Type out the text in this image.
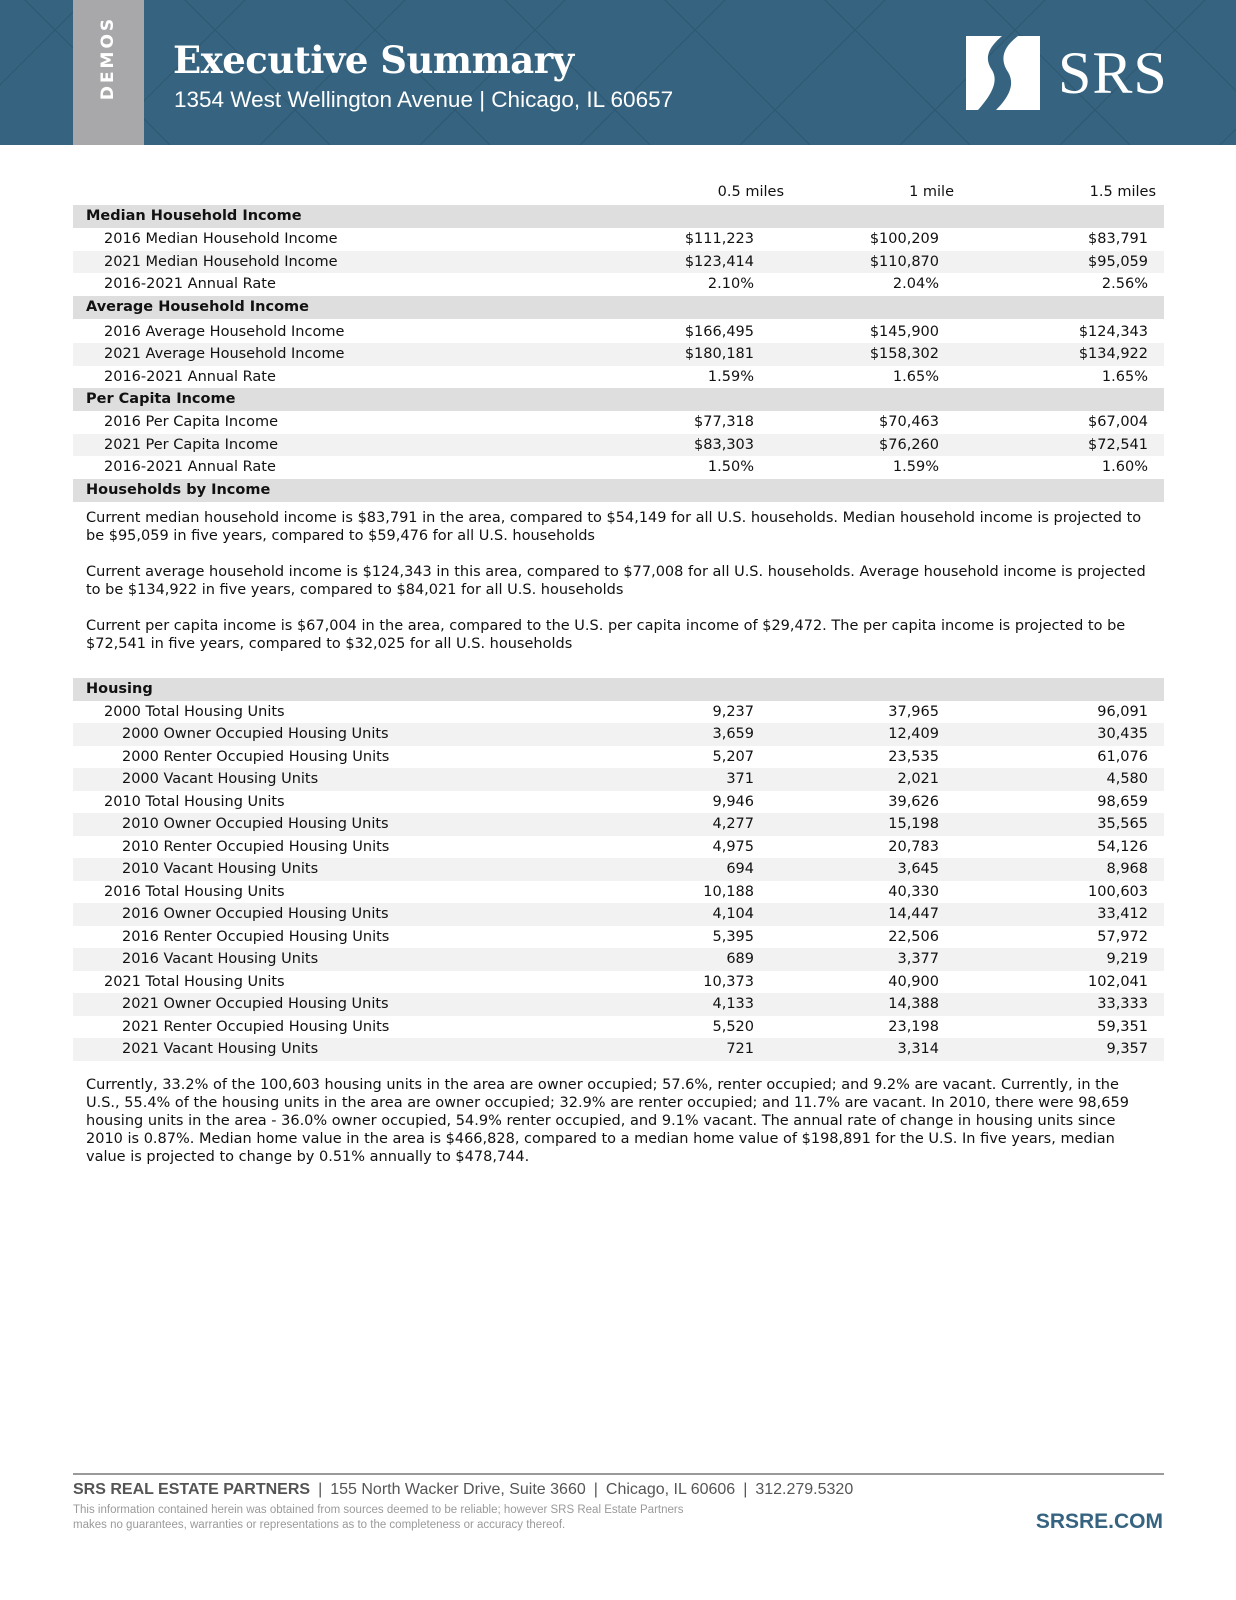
DEMOS Executive Summary
1354 West Wellington Avenue | Chicago, IL 60657	SRS
0.5 miles	1 mile	1.5 miles
Median Household Income
2016 Median Household Income	$111,223	$100,209	$83,791
2021 Median Household Income	$123,414	$110,870	$95,059
2016-2021 Annual Rate	2.10%	2.04%	2.56%
Average Household Income
2016 Average Household Income	$166,495	$145,900	$124,343
2021 Average Household Income	$180,181	$158,302	$134,922
2016-2021 Annual Rate	1.59%	1.65%	1.65%
Per Capita Income
2016 Per Capita Income	$77,318	$70,463	$67,004
2021 Per Capita Income	$83,303	$76,260	$72,541
2016-2021 Annual Rate	1.50%	1.59%	1.60%
Households by Income

Current median household income is $83,791 in the area, compared to $54,149 for all U.S. households. Median household income is projected to be $95,059 in five years, compared to $59,476 for all U.S. households

Current average household income is $124,343 in this area, compared to $77,008 for all U.S. households. Average household income is projected to be $134,922 in five years, compared to $84,021 for all U.S. households

Current per capita income is $67,004 in the area, compared to the U.S. per capita income of $29,472. The per capita income is projected to be $72,541 in five years, compared to $32,025 for all U.S. households

Housing
2000 Total Housing Units	9,237	37,965	96,091
2000 Owner Occupied Housing Units	3,659	12,409	30,435
2000 Renter Occupied Housing Units	5,207	23,535	61,076
2000 Vacant Housing Units	371	2,021	4,580
2010 Total Housing Units	9,946	39,626	98,659
2010 Owner Occupied Housing Units	4,277	15,198	35,565
2010 Renter Occupied Housing Units	4,975	20,783	54,126
2010 Vacant Housing Units	694	3,645	8,968
2016 Total Housing Units	10,188	40,330	100,603
2016 Owner Occupied Housing Units	4,104	14,447	33,412
2016 Renter Occupied Housing Units	5,395	22,506	57,972
2016 Vacant Housing Units	689	3,377	9,219
2021 Total Housing Units	10,373	40,900	102,041
2021 Owner Occupied Housing Units	4,133	14,388	33,333
2021 Renter Occupied Housing Units	5,520	23,198	59,351
2021 Vacant Housing Units	721	3,314	9,357

Currently, 33.2% of the 100,603 housing units in the area are owner occupied; 57.6%, renter occupied; and 9.2% are vacant. Currently, in the U.S., 55.4% of the housing units in the area are owner occupied; 32.9% are renter occupied; and 11.7% are vacant. In 2010, there were 98,659 housing units in the area - 36.0% owner occupied, 54.9% renter occupied, and 9.1% vacant. The annual rate of change in housing units since 2010 is 0.87%. Median home value in the area is $466,828, compared to a median home value of $198,891 for the U.S. In five years, median value is projected to change by 0.51% annually to $478,744.

SRS REAL ESTATE PARTNERS | 155 North Wacker Drive, Suite 3660 | Chicago, IL 60606 | 312.279.5320
This information contained herein was obtained from sources deemed to be reliable; however SRS Real Estate Partners makes no guarantees, warranties or representations as to the completeness or accuracy thereof.	SRSRE.COM
